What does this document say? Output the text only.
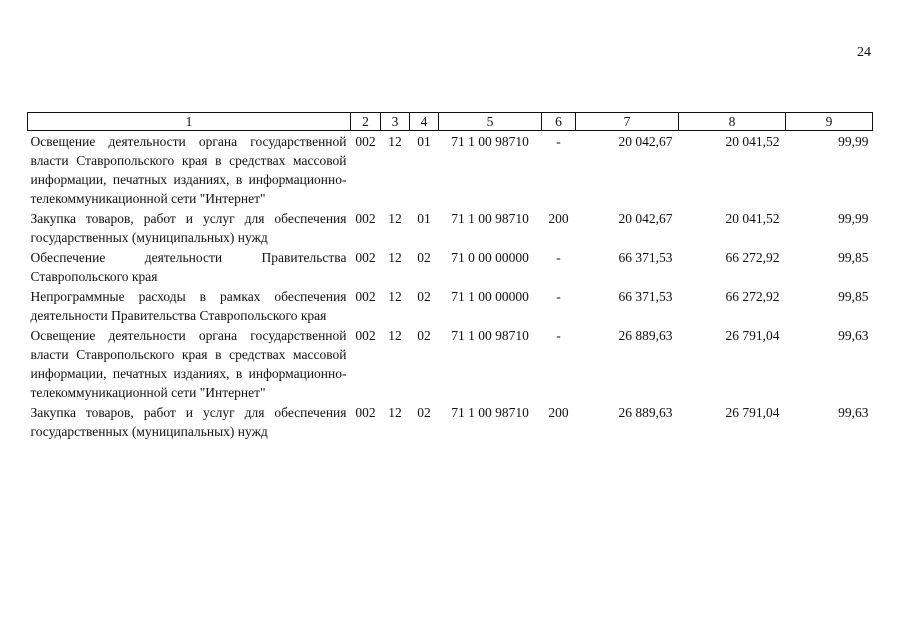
24
1	2	3	4	5	6	7	8	9
Освещение деятельности органа государственной власти Ставропольского края в средствах массовой информации, печатных изданиях, в информационно-телекоммуникационной сети "Интернет"	002	12	01	71 1 00 98710	-	20 042,67	20 041,52	99,99
Закупка товаров, работ и услуг для обеспечения государственных (муниципальных) нужд	002	12	01	71 1 00 98710	200	20 042,67	20 041,52	99,99
Обеспечение деятельности Правительства Ставропольского края	002	12	02	71 0 00 00000	-	66 371,53	66 272,92	99,85
Непрограммные расходы в рамках обеспечения деятельности Правительства Ставропольского края	002	12	02	71 1 00 00000	-	66 371,53	66 272,92	99,85
Освещение деятельности органа государственной власти Ставропольского края в средствах массовой информации, печатных изданиях, в информационно-телекоммуникационной сети "Интернет"	002	12	02	71 1 00 98710	-	26 889,63	26 791,04	99,63
Закупка товаров, работ и услуг для обеспечения государственных (муниципальных) нужд	002	12	02	71 1 00 98710	200	26 889,63	26 791,04	99,63
